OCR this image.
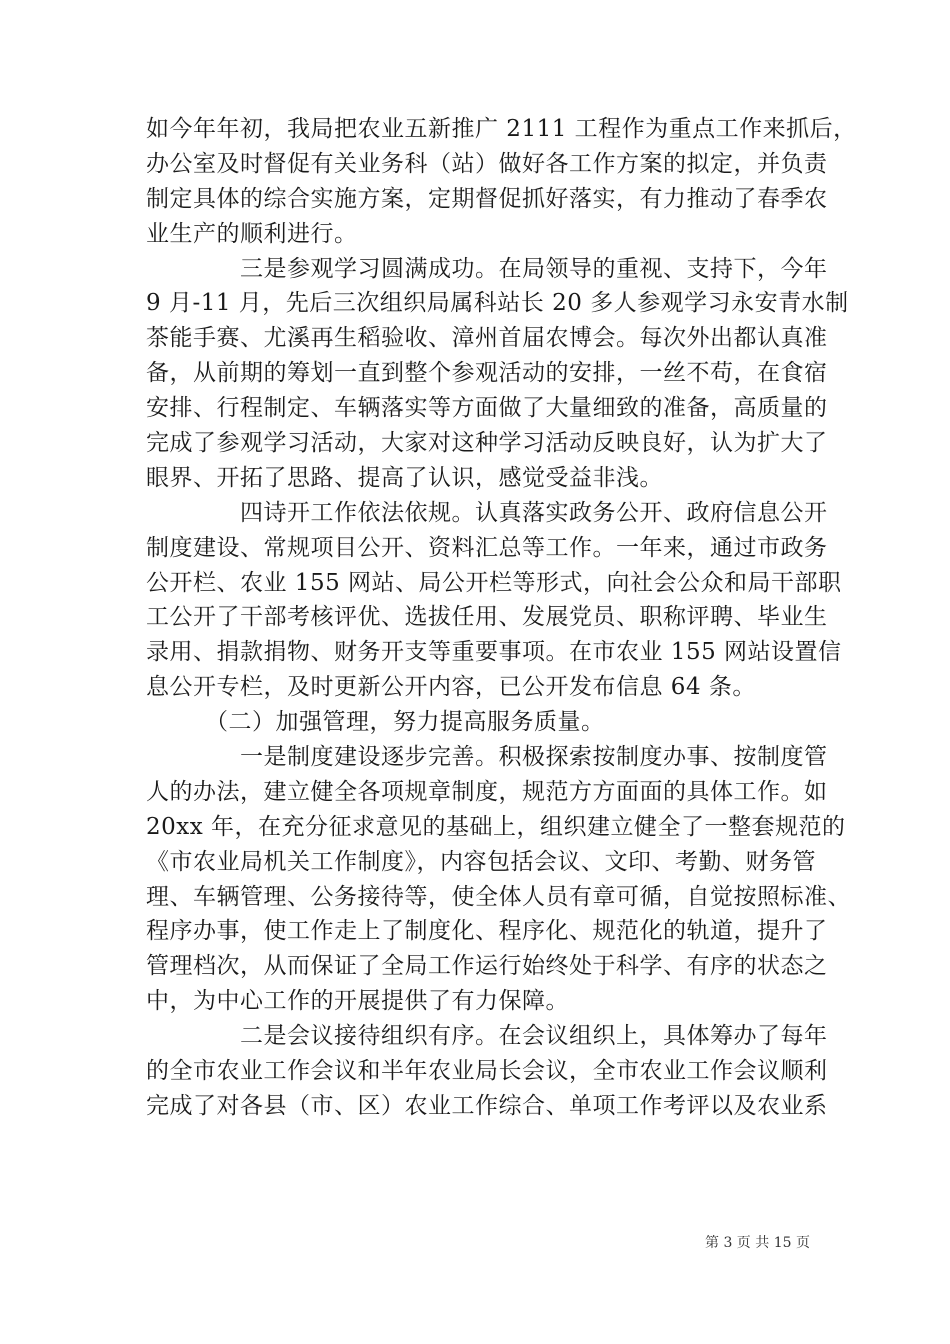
如今年年初，我局把农业五新推广 2111 工程作为重点工作来抓后，
办公室及时督促有关业务科（站）做好各工作方案的拟定，并负责
制定具体的综合实施方案，定期督促抓好落实，有力推动了春季农
业生产的顺利进行。
　　　　三是参观学习圆满成功。在局领导的重视、支持下，今年
9 月-11 月，先后三次组织局属科站长 20 多人参观学习永安青水制
茶能手赛、尤溪再生稻验收、漳州首届农博会。每次外出都认真准
备，从前期的筹划一直到整个参观活动的安排，一丝不苟，在食宿
安排、行程制定、车辆落实等方面做了大量细致的准备，高质量的
完成了参观学习活动，大家对这种学习活动反映良好，认为扩大了
眼界、开拓了思路、提高了认识，感觉受益非浅。
　　　　四诗开工作依法依规。认真落实政务公开、政府信息公开
制度建设、常规项目公开、资料汇总等工作。一年来，通过市政务
公开栏、农业 155 网站、局公开栏等形式，向社会公众和局干部职
工公开了干部考核评优、选拔任用、发展党员、职称评聘、毕业生
录用、捐款捐物、财务开支等重要事项。在市农业 155 网站设置信
息公开专栏，及时更新公开内容，已公开发布信息 64 条。
　　　（二）加强管理，努力提高服务质量。
　　　　一是制度建设逐步完善。积极探索按制度办事、按制度管
人的办法，建立健全各项规章制度，规范方方面面的具体工作。如
20xx 年，在充分征求意见的基础上，组织建立健全了一整套规范的
《市农业局机关工作制度》，内容包括会议、文印、考勤、财务管
理、车辆管理、公务接待等，使全体人员有章可循，自觉按照标准、
程序办事，使工作走上了制度化、程序化、规范化的轨道，提升了
管理档次，从而保证了全局工作运行始终处于科学、有序的状态之
中，为中心工作的开展提供了有力保障。
　　　　二是会议接待组织有序。在会议组织上，具体筹办了每年
的全市农业工作会议和半年农业局长会议，全市农业工作会议顺利
完成了对各县（市、区）农业工作综合、单项工作考评以及农业系
第 3 页 共 15 页
